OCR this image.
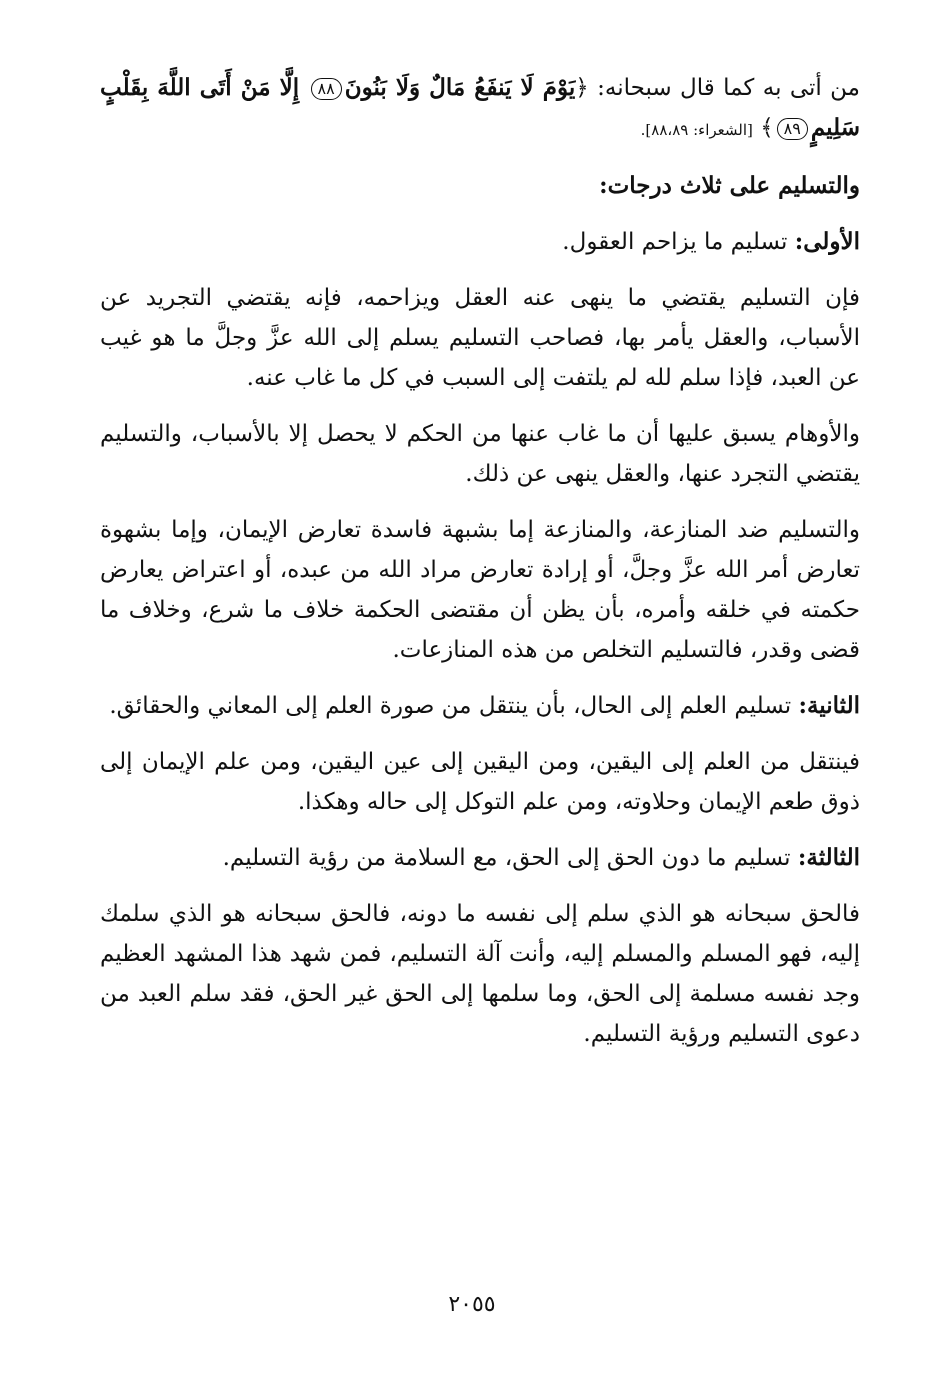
من أتى به كما قال سبحانه: ﴿يَوْمَ لَا يَنفَعُ مَالٌ وَلَا بَنُونَ٨٨ إِلَّا مَنْ أَتَى اللَّهَ بِقَلْبٍ سَلِيمٍ٨٩﴾ [الشعراء: ٨٨،٨٩].

والتسليم على ثلاث درجات:

الأولى: تسليم ما يزاحم العقول.

فإن التسليم يقتضي ما ينهى عنه العقل ويزاحمه، فإنه يقتضي التجريد عن الأسباب، والعقل يأمر بها، فصاحب التسليم يسلم إلى الله عزَّ وجلَّ ما هو غيب عن العبد، فإذا سلم لله لم يلتفت إلى السبب في كل ما غاب عنه.

والأوهام يسبق عليها أن ما غاب عنها من الحكم لا يحصل إلا بالأسباب، والتسليم يقتضي التجرد عنها، والعقل ينهى عن ذلك.

والتسليم ضد المنازعة، والمنازعة إما بشبهة فاسدة تعارض الإيمان، وإما بشهوة تعارض أمر الله عزَّ وجلَّ، أو إرادة تعارض مراد الله من عبده، أو اعتراض يعارض حكمته في خلقه وأمره، بأن يظن أن مقتضى الحكمة خلاف ما شرع، وخلاف ما قضى وقدر، فالتسليم التخلص من هذه المنازعات.

الثانية: تسليم العلم إلى الحال، بأن ينتقل من صورة العلم إلى المعاني والحقائق.

فينتقل من العلم إلى اليقين، ومن اليقين إلى عين اليقين، ومن علم الإيمان إلى ذوق طعم الإيمان وحلاوته، ومن علم التوكل إلى حاله وهكذا.

الثالثة: تسليم ما دون الحق إلى الحق، مع السلامة من رؤية التسليم.

فالحق سبحانه هو الذي سلم إلى نفسه ما دونه، فالحق سبحانه هو الذي سلمك إليه، فهو المسلم والمسلم إليه، وأنت آلة التسليم، فمن شهد هذا المشهد العظيم وجد نفسه مسلمة إلى الحق، وما سلمها إلى الحق غير الحق، فقد سلم العبد من دعوى التسليم ورؤية التسليم.

٢٠٥٥
